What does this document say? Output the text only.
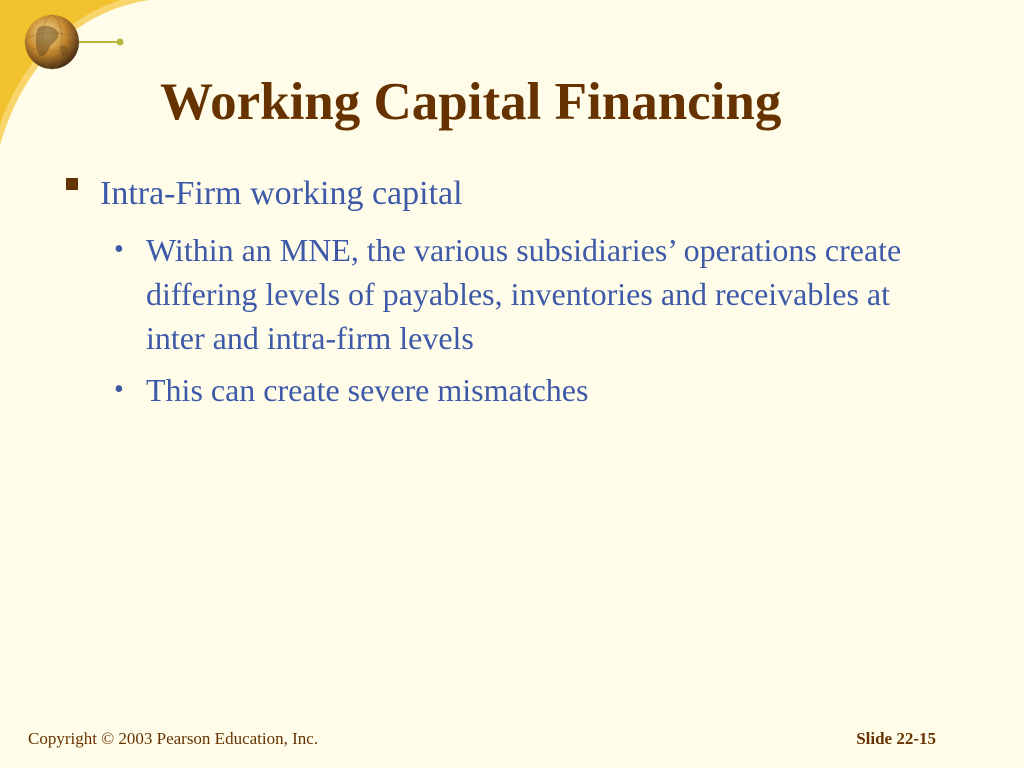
Working Capital Financing
Intra-Firm working capital
• Within an MNE, the various subsidiaries’ operations create differing levels of payables, inventories and receivables at inter and intra-firm levels
• This can create severe mismatches
Copyright © 2003 Pearson Education, Inc.	Slide 22-15
